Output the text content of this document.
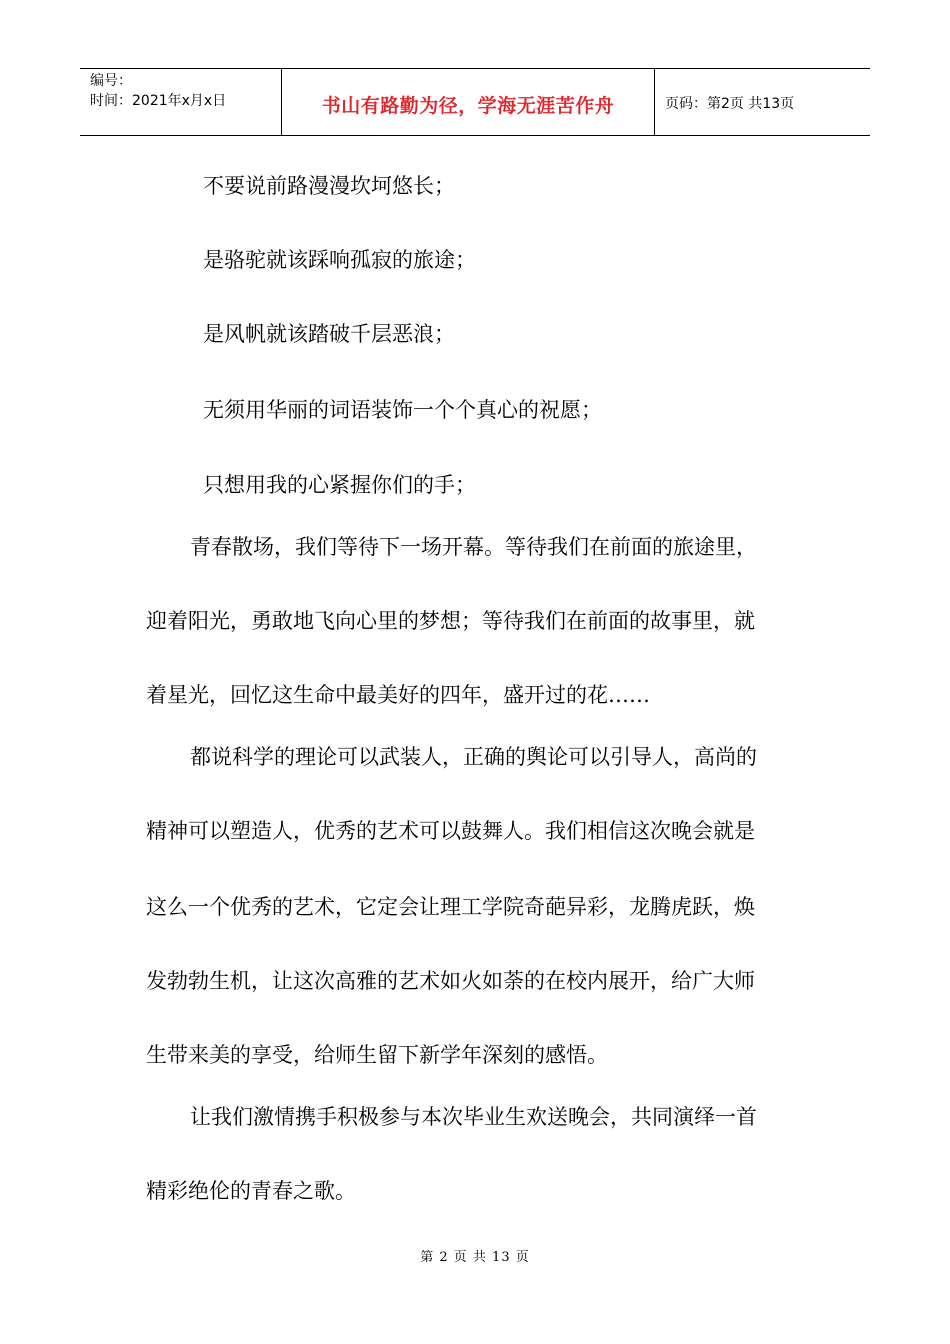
编号：
时间：2021年x月x日	书山有路勤为径，学海无涯苦作舟	页码：第2页 共13页
不要说前路漫漫坎坷悠长；
是骆驼就该踩响孤寂的旅途；
是风帆就该踏破千层恶浪；
无须用华丽的词语装饰一个个真心的祝愿；
只想用我的心紧握你们的手；
青春散场，我们等待下一场开幕。等待我们在前面的旅途里，
迎着阳光，勇敢地飞向心里的梦想；等待我们在前面的故事里，就
着星光，回忆这生命中最美好的四年，盛开过的花……
都说科学的理论可以武装人，正确的舆论可以引导人，高尚的
精神可以塑造人，优秀的艺术可以鼓舞人。我们相信这次晚会就是
这么一个优秀的艺术，它定会让理工学院奇葩异彩，龙腾虎跃，焕
发勃勃生机，让这次高雅的艺术如火如荼的在校内展开，给广大师
生带来美的享受，给师生留下新学年深刻的感悟。
让我们激情携手积极参与本次毕业生欢送晚会，共同演绎一首
精彩绝伦的青春之歌。
第 2 页 共 13 页
